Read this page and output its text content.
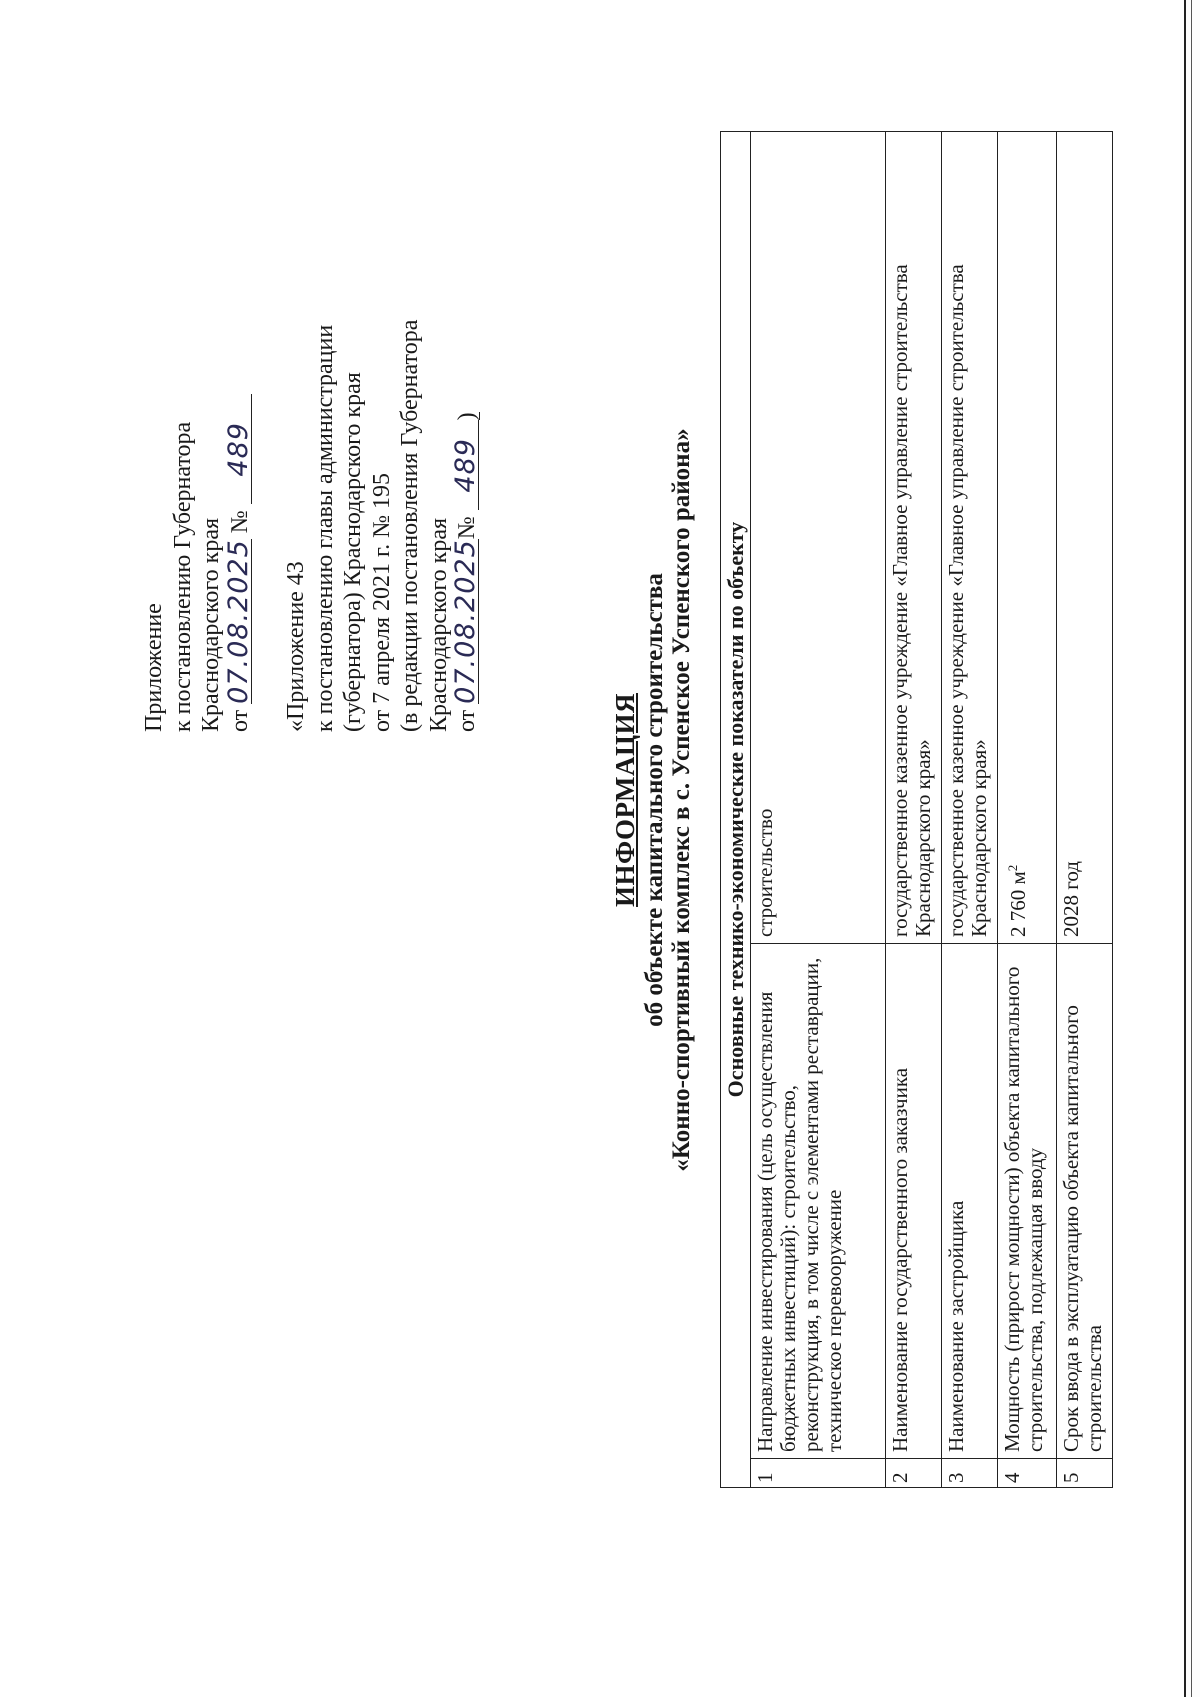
Приложение к постановлению Губернатора Краснодарского края от 07.08.2025 № 489
«Приложение 43 к постановлению главы администрации (губернатора) Краснодарского края от 7 апреля 2021 г. № 195 (в редакции постановления Губернатора Краснодарского края от 07.08.2025№ 489)
ИНФОРМАЦИЯ об объекте капитального строительства «Конно-спортивный комплекс в с. Успенское Успенского района» Основные технико-экономические показатели по объекту		
1	Направление инвестирования (цель осуществления бюджетных инвестиций): строительство, реконструкция, в том числе с элементами реставрации, техническое перевооружение	строительство
2	Наименование государственного заказчика	государственное казенное учреждение «Главное управление строительства Краснодарского края»
3	Наименование застройщика	государственное казенное учреждение «Главное управление строительства Краснодарского края»
4	Мощность (прирост мощности) объекта капитального строительства, подлежащая вводу	2 760 $м^2$
5	Срок ввода в эксплуатацию объекта капитального строительства	2028 год
